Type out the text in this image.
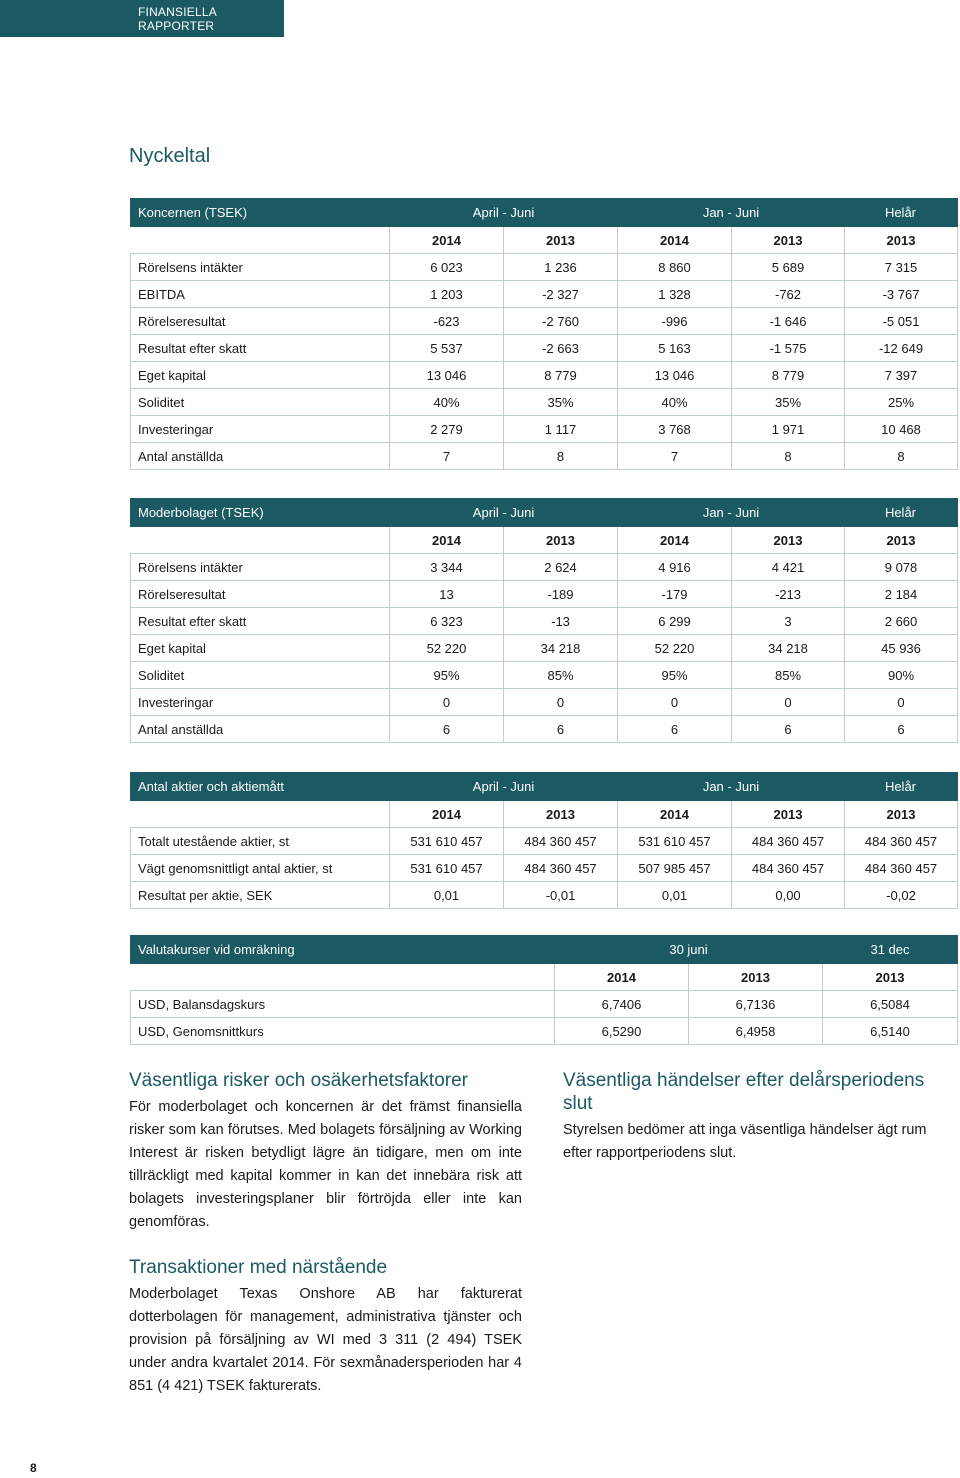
FINANSIELLA RAPPORTER
Nyckeltal
Koncernen (TSEK)	April - Juni		Jan - Juni		Helår
	2014	2013	2014	2013	2013
Rörelsens intäkter	6 023	1 236	8 860	5 689	7 315
EBITDA	1 203	-2 327	1 328	-762	-3 767
Rörelseresultat	-623	-2 760	-996	-1 646	-5 051
Resultat efter skatt	5 537	-2 663	5 163	-1 575	-12 649
Eget kapital	13 046	8 779	13 046	8 779	7 397
Soliditet	40%	35%	40%	35%	25%
Investeringar	2 279	1 117	3 768	1 971	10 468
Antal anställda	7	8	7	8	8
Moderbolaget (TSEK)	April - Juni		Jan - Juni		Helår
	2014	2013	2014	2013	2013
Rörelsens intäkter	3 344	2 624	4 916	4 421	9 078
Rörelseresultat	13	-189	-179	-213	2 184
Resultat efter skatt	6 323	-13	6 299	3	2 660
Eget kapital	52 220	34 218	52 220	34 218	45 936
Soliditet	95%	85%	95%	85%	90%
Investeringar	0	0	0	0	0
Antal anställda	6	6	6	6	6
Antal aktier och aktiemått	April - Juni		Jan - Juni		Helår
	2014	2013	2014	2013	2013
Totalt utestående aktier, st	531 610 457	484 360 457	531 610 457	484 360 457	484 360 457
Vägt genomsnittligt antal aktier, st	531 610 457	484 360 457	507 985 457	484 360 457	484 360 457
Resultat per aktie, SEK	0,01	-0,01	0,01	0,00	-0,02
Valutakurser vid omräkning	30 juni		31 dec
	2014	2013	2013
USD, Balansdagskurs	6,7406	6,7136	6,5084
USD, Genomsnittkurs	6,5290	6,4958	6,5140
Väsentliga risker och osäkerhetsfaktorer

För moderbolaget och koncernen är det främst finansiella risker som kan förutses. Med bolagets försäljning av Working Interest är risken betydligt lägre än tidigare, men om inte tillräckligt med kapital kommer in kan det innebära risk att bolagets investeringsplaner blir förtröjda eller inte kan genomföras.

Väsentliga händelser efter delårsperiodens slut

Styrelsen bedömer att inga väsentliga händelser ägt rum efter rapportperiodens slut.

Transaktioner med närstående

Moderbolaget Texas Onshore AB har fakturerat dotterbolagen för management, administrativa tjänster och provision på försäljning av WI med 3 311 (2 494) TSEK under andra kvartalet 2014. För sexmånadersperioden har 4 851 (4 421) TSEK fakturerats.

8
